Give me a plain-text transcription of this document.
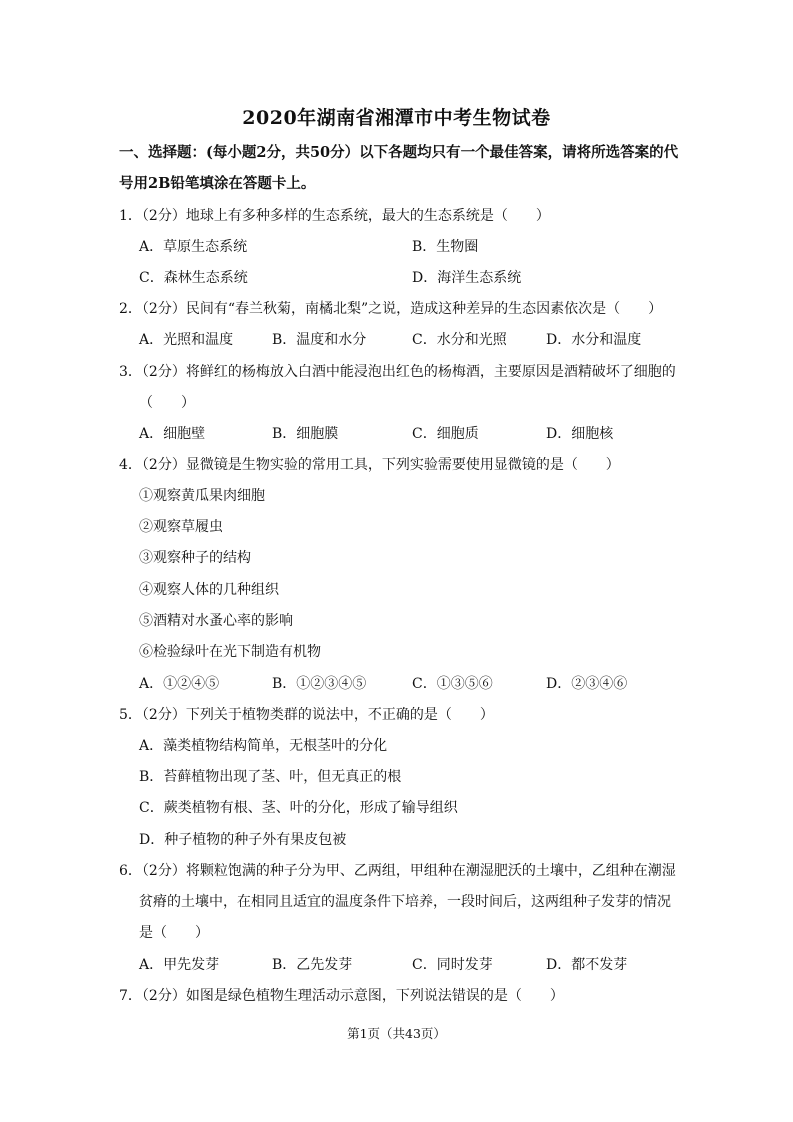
2020年湖南省湘潭市中考生物试卷
一、选择题：(每小题2分，共50分）以下各题均只有一个最佳答案，请将所选答案的代
号用2B铅笔填涂在答题卡上。
1．（2分）地球上有多种多样的生态系统，最大的生态系统是（　　）
A．草原生态系统	B．生物圈
C．森林生态系统	D．海洋生态系统
2．（2分）民间有“春兰秋菊，南橘北梨”之说，造成这种差异的生态因素依次是（　　）
A．光照和温度	B．温度和水分	C．水分和光照	D．水分和温度
3．（2分）将鲜红的杨梅放入白酒中能浸泡出红色的杨梅酒，主要原因是酒精破坏了细胞的
（　　）
A．细胞壁	B．细胞膜	C．细胞质	D．细胞核
4．（2分）显微镜是生物实验的常用工具，下列实验需要使用显微镜的是（　　）
①观察黄瓜果肉细胞
②观察草履虫
③观察种子的结构
④观察人体的几种组织
⑤酒精对水蚤心率的影响
⑥检验绿叶在光下制造有机物
A．①②④⑤	B．①②③④⑤	C．①③⑤⑥	D．②③④⑥
5．（2分）下列关于植物类群的说法中，不正确的是（　　）
A．藻类植物结构简单，无根茎叶的分化
B．苔藓植物出现了茎、叶，但无真正的根
C．蕨类植物有根、茎、叶的分化，形成了输导组织
D．种子植物的种子外有果皮包被
6．（2分）将颗粒饱满的种子分为甲、乙两组，甲组种在潮湿肥沃的土壤中，乙组种在潮湿
贫瘠的土壤中，在相同且适宜的温度条件下培养，一段时间后，这两组种子发芽的情况
是（　　）
A．甲先发芽	B．乙先发芽	C．同时发芽	D．都不发芽
7．（2分）如图是绿色植物生理活动示意图，下列说法错误的是（　　）
第1页（共43页）
